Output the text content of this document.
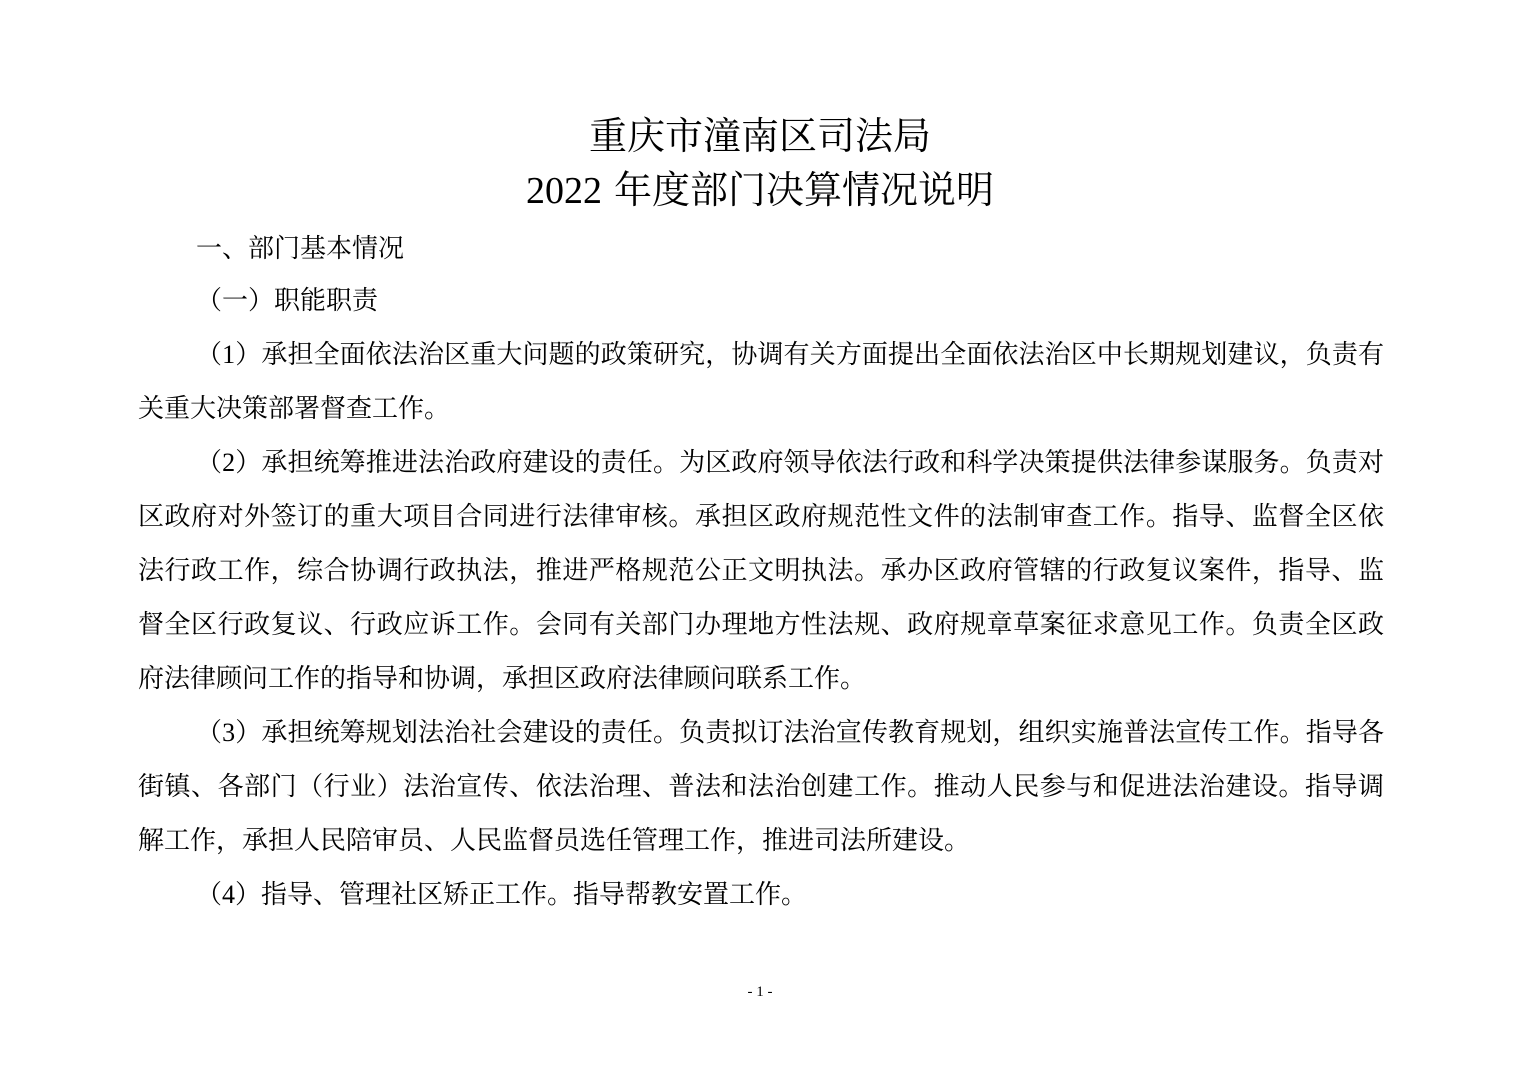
重庆市潼南区司法局
2022 年度部门决算情况说明
一、部门基本情况
（一）职能职责

（1）承担全面依法治区重大问题的政策研究，协调有关方面提出全面依法治区中长期规划建议，负责有关重大决策部署督查工作。

（2）承担统筹推进法治政府建设的责任。为区政府领导依法行政和科学决策提供法律参谋服务。负责对区政府对外签订的重大项目合同进行法律审核。承担区政府规范性文件的法制审查工作。指导、监督全区依法行政工作，综合协调行政执法，推进严格规范公正文明执法。承办区政府管辖的行政复议案件，指导、监督全区行政复议、行政应诉工作。会同有关部门办理地方性法规、政府规章草案征求意见工作。负责全区政府法律顾问工作的指导和协调，承担区政府法律顾问联系工作。

（3）承担统筹规划法治社会建设的责任。负责拟订法治宣传教育规划，组织实施普法宣传工作。指导各街镇、各部门（行业）法治宣传、依法治理、普法和法治创建工作。推动人民参与和促进法治建设。指导调解工作，承担人民陪审员、人民监督员选任管理工作，推进司法所建设。

（4）指导、管理社区矫正工作。指导帮教安置工作。

- 1 -
